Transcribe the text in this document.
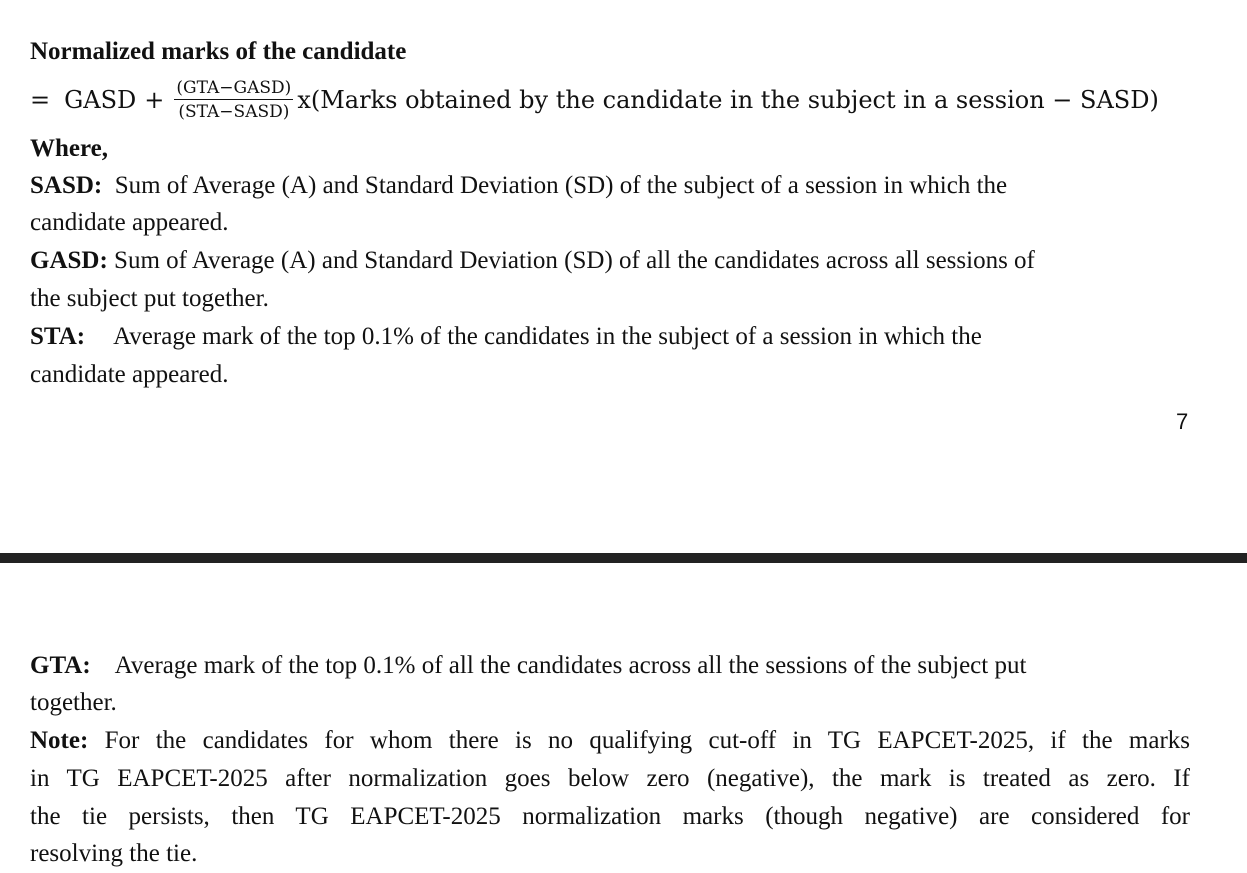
Normalized marks of the candidate
= GASD + $\frac{\text{(GTA−GASD)}}{\text{(STA−SASD)}}$ x(Marks obtained by the candidate in the subject in a session − SASD)
Where,
SASD: Sum of Average (A) and Standard Deviation (SD) of the subject of a session in which the
candidate appeared.
GASD: Sum of Average (A) and Standard Deviation (SD) of all the candidates across all sessions of
the subject put together.
STA: Average mark of the top 0.1% of the candidates in the subject of a session in which the
candidate appeared.
7
GTA: Average mark of the top 0.1% of all the candidates across all the sessions of the subject put
together.
Note: For the candidates for whom there is no qualifying cut-off in TG EAPCET-2025, if the marks
in TG EAPCET-2025 after normalization goes below zero (negative), the mark is treated as zero. If
the tie persists, then TG EAPCET-2025 normalization marks (though negative) are considered for
resolving the tie.
